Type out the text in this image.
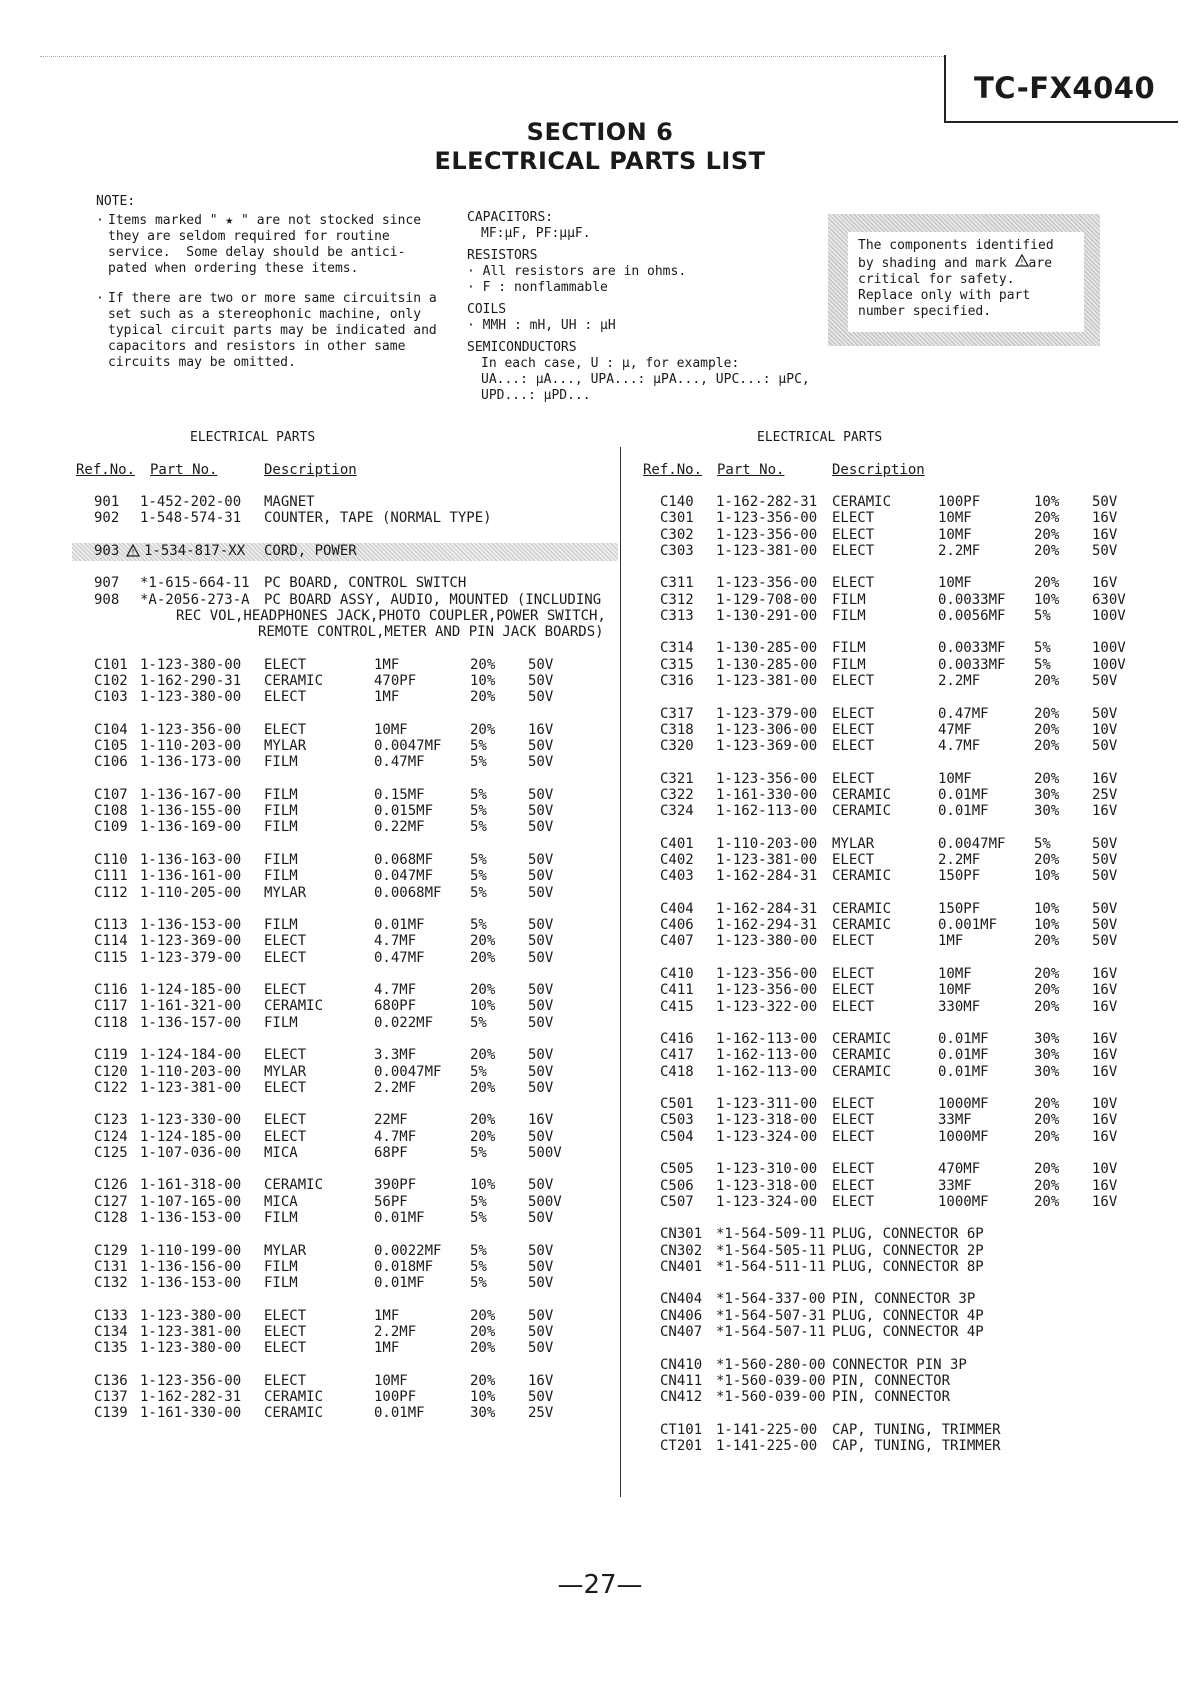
TC-FX4040
SECTION 6
ELECTRICAL PARTS LIST

NOTE:

· Items marked " ★ " are not stocked since

they are seldom required for routine

service.  Some delay should be antici-

pated when ordering these items.

· If there are two or more same circuitsin a

set such as a stereophonic machine, only

typical circuit parts may be indicated and

capacitors and resistors in other same

circuits may be omitted.

CAPACITORS:

MF:μF, PF:μμF.

RESISTORS

· All resistors are in ohms.

· F : nonflammable

COILS

· MMH : mH, UH : μH

SEMICONDUCTORS

In each case, U : μ, for example:

UA...: μA..., UPA...: μPA..., UPC...: μPC,

UPD...: μPD...

The components identified

by shading and mark ! are

critical for safety.

Replace only with part

number specified.

ELECTRICAL PARTS
Ref.No. Part No.	Description
ELECTRICAL PARTS
Ref.No. Part No.	Description
901 1-452-202-00 MAGNET
902 1-548-574-31 COUNTER, TAPE (NORMAL TYPE)
903 1-534-817-XX CORD, POWER
!
907 *1-615-664-11 PC BOARD, CONTROL SWITCH
908 *A-2056-273-A PC BOARD ASSY, AUDIO, MOUNTED (INCLUDING
REC VOL,HEADPHONES JACK,PHOTO COUPLER,POWER SWITCH,
REMOTE CONTROL,METER AND PIN JACK BOARDS)
C101 1-123-380-00 ELECT	1MF	20% 50V
C102 1-162-290-31 CERAMIC	470PF	10% 50V
C103 1-123-380-00 ELECT	1MF	20% 50V
C104 1-123-356-00 ELECT	10MF	20% 16V
C105 1-110-203-00 MYLAR	0.0047MF 5%	50V
C106 1-136-173-00 FILM	0.47MF	5%	50V
C107 1-136-167-00 FILM	0.15MF	5%	50V
C108 1-136-155-00 FILM	0.015MF	5%	50V
C109 1-136-169-00 FILM	0.22MF	5%	50V
C110 1-136-163-00 FILM	0.068MF	5%	50V
C111 1-136-161-00 FILM	0.047MF	5%	50V
C112 1-110-205-00 MYLAR	0.0068MF 5%	50V
C113 1-136-153-00 FILM	0.01MF	5%	50V
C114 1-123-369-00 ELECT	4.7MF	20% 50V
C115 1-123-379-00 ELECT	0.47MF	20% 50V
C116 1-124-185-00 ELECT	4.7MF	20% 50V
C117 1-161-321-00 CERAMIC	680PF	10% 50V
C118 1-136-157-00 FILM	0.022MF	5%	50V
C119 1-124-184-00 ELECT	3.3MF	20% 50V
C120 1-110-203-00 MYLAR	0.0047MF 5%	50V
C122 1-123-381-00 ELECT	2.2MF	20% 50V
C123 1-123-330-00 ELECT	22MF	20% 16V
C124 1-124-185-00 ELECT	4.7MF	20% 50V
C125 1-107-036-00 MICA	68PF	5%	500V
C126 1-161-318-00 CERAMIC	390PF	10% 50V
C127 1-107-165-00 MICA	56PF	5%	500V
C128 1-136-153-00 FILM	0.01MF	5%	50V
C129 1-110-199-00 MYLAR	0.0022MF 5%	50V
C131 1-136-156-00 FILM	0.018MF	5%	50V
C132 1-136-153-00 FILM	0.01MF	5%	50V
C133 1-123-380-00 ELECT	1MF	20% 50V
C134 1-123-381-00 ELECT	2.2MF	20% 50V
C135 1-123-380-00 ELECT	1MF	20% 50V
C136 1-123-356-00 ELECT	10MF	20% 16V
C137 1-162-282-31 CERAMIC	100PF	10% 50V
C139 1-161-330-00 CERAMIC	0.01MF	30% 25V
C140 1-162-282-31 CERAMIC	100PF	10% 50V
C301 1-123-356-00 ELECT	10MF	20% 16V
C302 1-123-356-00 ELECT	10MF	20% 16V
C303 1-123-381-00 ELECT	2.2MF	20% 50V
C311 1-123-356-00 ELECT	10MF	20% 16V
C312 1-129-708-00 FILM	0.0033MF 10% 630V
C313 1-130-291-00 FILM	0.0056MF 5%	100V
C314 1-130-285-00 FILM	0.0033MF 5%	100V
C315 1-130-285-00 FILM	0.0033MF 5%	100V
C316 1-123-381-00 ELECT	2.2MF	20% 50V
C317 1-123-379-00 ELECT	0.47MF	20% 50V
C318 1-123-306-00 ELECT	47MF	20% 10V
C320 1-123-369-00 ELECT	4.7MF	20% 50V
C321 1-123-356-00 ELECT	10MF	20% 16V
C322 1-161-330-00 CERAMIC	0.01MF	30% 25V
C324 1-162-113-00 CERAMIC	0.01MF	30% 16V
C401 1-110-203-00 MYLAR	0.0047MF 5%	50V
C402 1-123-381-00 ELECT	2.2MF	20% 50V
C403 1-162-284-31 CERAMIC	150PF	10% 50V
C404 1-162-284-31 CERAMIC	150PF	10% 50V
C406 1-162-294-31 CERAMIC	0.001MF	10% 50V
C407 1-123-380-00 ELECT	1MF	20% 50V
C410 1-123-356-00 ELECT	10MF	20% 16V
C411 1-123-356-00 ELECT	10MF	20% 16V
C415 1-123-322-00 ELECT	330MF	20% 16V
C416 1-162-113-00 CERAMIC	0.01MF	30% 16V
C417 1-162-113-00 CERAMIC	0.01MF	30% 16V
C418 1-162-113-00 CERAMIC	0.01MF	30% 16V
C501 1-123-311-00 ELECT	1000MF	20% 10V
C503 1-123-318-00 ELECT	33MF	20% 16V
C504 1-123-324-00 ELECT	1000MF	20% 16V
C505 1-123-310-00 ELECT	470MF	20% 10V
C506 1-123-318-00 ELECT	33MF	20% 16V
C507 1-123-324-00 ELECT	1000MF	20% 16V
CN301 *1-564-509-11 PLUG, CONNECTOR 6P
CN302 *1-564-505-11 PLUG, CONNECTOR 2P
CN401 *1-564-511-11 PLUG, CONNECTOR 8P
CN404 *1-564-337-00 PIN, CONNECTOR 3P
CN406 *1-564-507-31 PLUG, CONNECTOR 4P
CN407 *1-564-507-11 PLUG, CONNECTOR 4P
CN410 *1-560-280-00 CONNECTOR PIN 3P
CN411 *1-560-039-00 PIN, CONNECTOR
CN412 *1-560-039-00 PIN, CONNECTOR
CT101 1-141-225-00 CAP, TUNING, TRIMMER
CT201 1-141-225-00 CAP, TUNING, TRIMMER
—27—
